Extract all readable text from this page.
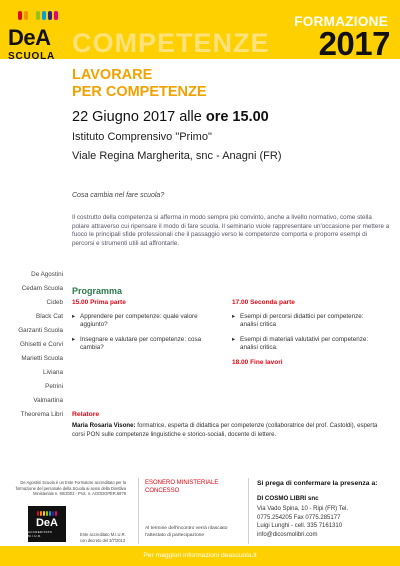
COMPETENZE
FORMAZIONE
2017
DeA
SCUOLA
LAVORARE
PER COMPETENZE
22 Giugno 2017 alle ore 15.00
Istituto Comprensivo "Primo"
Viale Regina Margherita, snc - Anagni (FR)
Cosa cambia nel fare scuola?
Il costrutto della competenza si afferma in modo sempre più convinto, anche a livello normativo, come stella polare attraverso cui ripensare il modo di fare scuola. Il seminario vuole rappresentare un'occasione per mettere a fuoco le principali sfide professionali che il passaggio verso le competenze comporta e proporre esempi di percorsi e strumenti utili ad affrontarle.
De Agostini
Cedam Scuola
Cideb
Black Cat
Garzanti Scuola
Ghisetti e Corvi
Marietti Scuola
Liviana
Petrini
Valmartina
Theorema Libri
Programma
15.00 Prima parte
▸ Apprendere per competenze: quale valore aggiunto?
▸ Insegnare e valutare per competenze: cosa cambia?
17.00 Seconda parte
▸ Esempi di percorsi didattici per competenze: analisi critica
▸ Esempi di materiali valutativi per competenze: analisi critica.
18.00 Fine lavori
Relatore
Maria Rosaria Visone: formatrice, esperta di didattica per competenze (collaboratrice del prof. Castoldi), esperta corsi PON sulle competenze linguistiche e storico-sociali, docente di lettere.
De Agostini Scuola è un Ente Formatore accreditato per la formazione del personale della Scuola ai sensi della Direttiva Ministeriale n. 90/2003 - Prot. n. AOODGPER.6979
DeA
ACCREDITATO M.I.U.R.	Ente accreditato M.I.U.R. con decreto del 3/7/2013
ESONERO MINISTERIALE
CONCESSO
Al termine dell'incontro verrà rilasciato l'attestato di partecipazione
Si prega di confermare la presenza a:
DI COSMO LIBRI snc
Via Vado Spina, 10 - Ripi (FR) Tel.
0775.254205 Fax 0775.285177
Luigi Lunghi - cell. 335 7161310
info@dicosmolibri.com
Per maggiori informazioni deascuola.it
